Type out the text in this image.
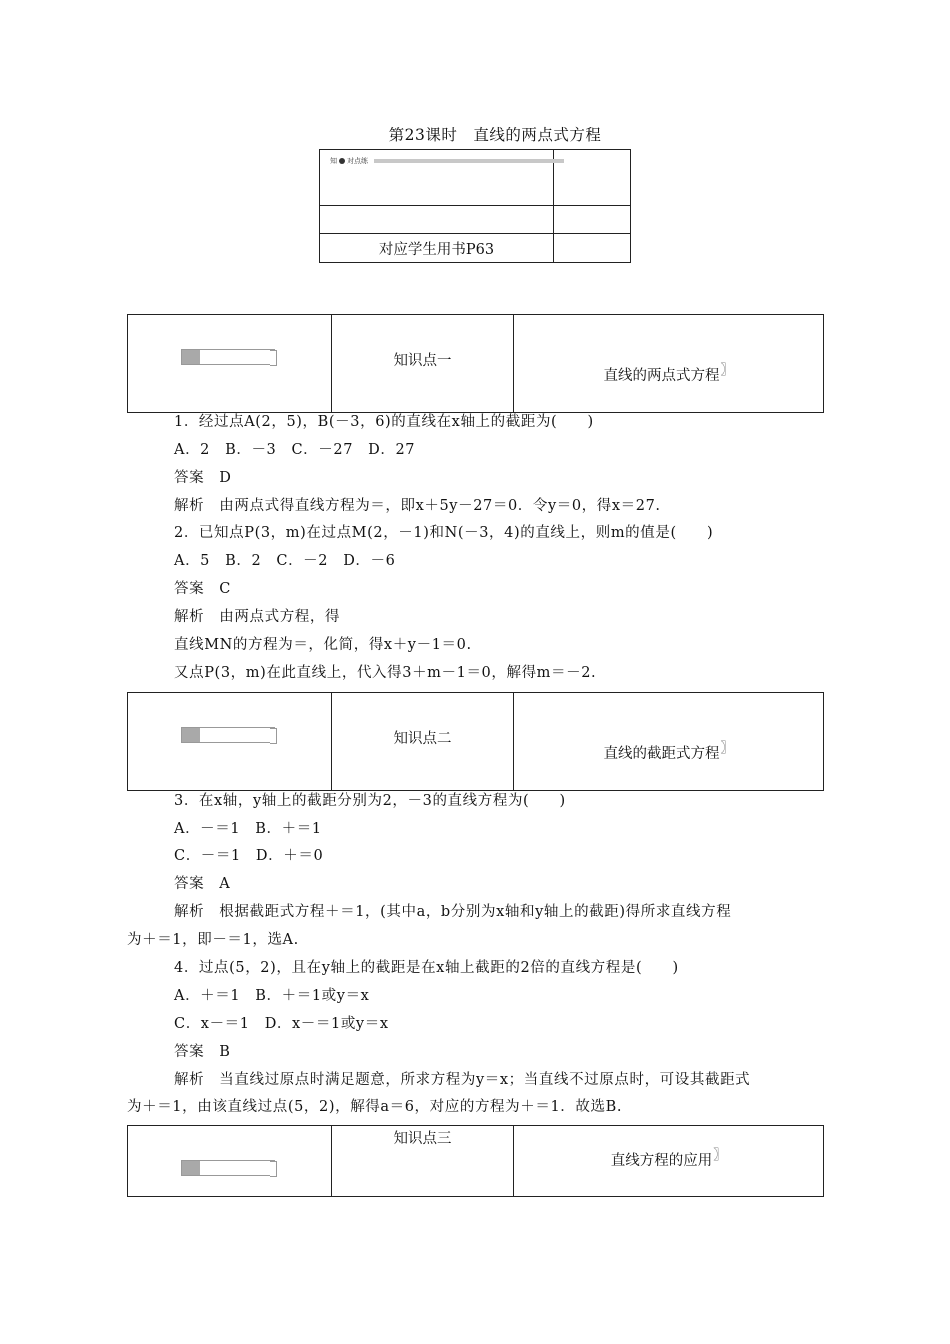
第23课时　直线的两点式方程
知 对点练	

对应学生用书P63	

知识点一

直线的两点式方程〗
1．经过点A(2，5)，B(－3，6)的直线在x轴上的截距为(　　)
A．2　B．－3　C．－27　D．27
答案　D
解析　由两点式得直线方程为＝，即x＋5y－27＝0．令y＝0，得x＝27.
2．已知点P(3，m)在过点M(2，－1)和N(－3，4)的直线上，则m的值是(　　)
A．5　B．2　C．－2　D．－6
答案　C
解析　由两点式方程，得
直线MN的方程为＝，化简，得x＋y－1＝0.
又点P(3，m)在此直线上，代入得3＋m－1＝0，解得m＝－2.

知识点二

直线的截距式方程〗
3．在x轴，y轴上的截距分别为2，－3的直线方程为(　　)
A．－＝1　B．＋＝1
C．－＝1　D．＋＝0
答案　A
解析　根据截距式方程＋＝1，(其中a，b分别为x轴和y轴上的截距)得所求直线方程
为＋＝1，即－＝1，选A.
4．过点(5，2)，且在y轴上的截距是在x轴上截距的2倍的直线方程是(　　)
A．＋＝1　B．＋＝1或y＝x
C．x－＝1　D．x－＝1或y＝x
答案　B
解析　当直线过原点时满足题意，所求方程为y＝x；当直线不过原点时，可设其截距式
为＋＝1，由该直线过点(5，2)，解得a＝6，对应的方程为＋＝1．故选B.

知识点三

直线方程的应用〗
